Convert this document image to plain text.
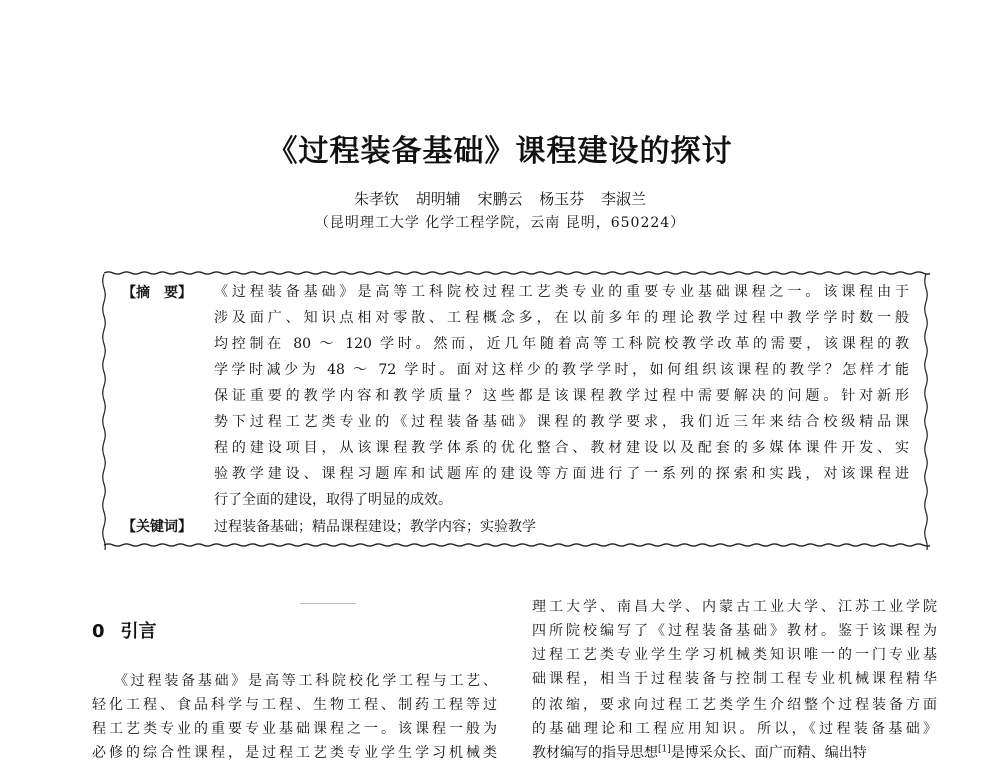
《过程装备基础》课程建设的探讨
朱孝钦 胡明辅 宋鹏云 杨玉芬 李淑兰
（昆明理工大学 化学工程学院，云南 昆明，650224）
【摘　要】	《过程装备基础》是高等工科院校过程工艺类专业的重要专业基础课程之一。该课程由于
涉及面广、知识点相对零散、工程概念多，在以前多年的理论教学过程中教学学时数一般
均控制在 80 ～ 120 学时。然而，近几年随着高等工科院校教学改革的需要，该课程的教
学学时减少为 48 ～ 72 学时。面对这样少的教学学时，如何组织该课程的教学？怎样才能
保证重要的教学内容和教学质量？这些都是该课程教学过程中需要解决的问题。针对新形
势下过程工艺类专业的《过程装备基础》课程的教学要求，我们近三年来结合校级精品课
程的建设项目，从该课程教学体系的优化整合、教材建设以及配套的多媒体课件开发、实
验教学建设、课程习题库和试题库的建设等方面进行了一系列的探索和实践，对该课程进
行了全面的建设，取得了明显的成效。
【关键词】	过程装备基础；精品课程建设；教学内容；实验教学
0 引言
《过程装备基础》是高等工科院校化学工程与工艺、
轻化工程、食品科学与工程、生物工程、制药工程等过
程工艺类专业的重要专业基础课程之一。该课程一般为
必修的综合性课程，是过程工艺类专业学生学习机械类
理工大学、南昌大学、内蒙古工业大学、江苏工业学院
四所院校编写了《过程装备基础》教材。鉴于该课程为
过程工艺类专业学生学习机械类知识唯一的一门专业基
础课程，相当于过程装备与控制工程专业机械课程精华
的浓缩，要求向过程工艺类学生介绍整个过程装备方面
的基础理论和工程应用知识。所以，《过程装备基础》
教材编写的指导思想[1]是博采众长、面广而精、编出特
